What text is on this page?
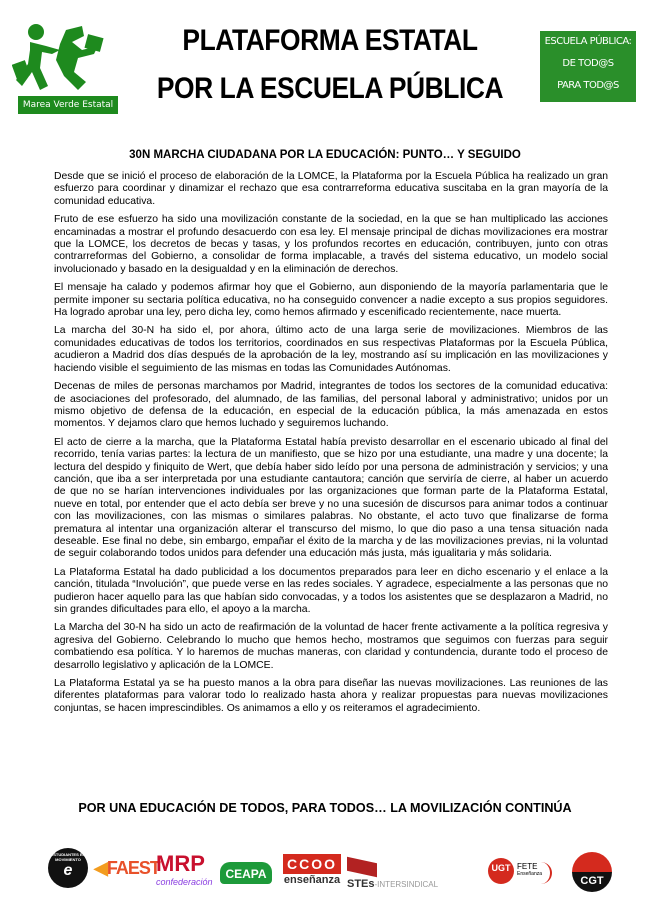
Marea Verde Estatal
PLATAFORMA ESTATAL
POR LA ESCUELA PÚBLICA
ESCUELA PÚBLICA:
DE TOD@S
PARA TOD@S
30N MARCHA CIUDADANA POR LA EDUCACIÓN: PUNTO… Y SEGUIDO

Desde que se inició el proceso de elaboración de la LOMCE, la Plataforma por la Escuela Pública ha realizado un gran esfuerzo para coordinar y dinamizar el rechazo que esa contrarreforma educativa suscitaba en la gran mayoría de la comunidad educativa.

Fruto de ese esfuerzo ha sido una movilización constante de la sociedad, en la que se han multiplicado las acciones encaminadas a mostrar el profundo desacuerdo con esa ley. El mensaje principal de dichas movilizaciones era mostrar que la LOMCE, los decretos de becas y tasas, y los profundos recortes en educación, contribuyen, junto con otras contrarreformas del Gobierno, a consolidar de forma implacable, a través del sistema educativo, un modelo social involucionado y basado en la desigualdad y en la eliminación de derechos.

El mensaje ha calado y podemos afirmar hoy que el Gobierno, aun disponiendo de la mayoría parlamentaria que le permite imponer su sectaria política educativa, no ha conseguido convencer a nadie excepto a sus propios seguidores. Ha logrado aprobar una ley, pero dicha ley, como hemos afirmado y escenificado recientemente, nace muerta.

La marcha del 30-N ha sido el, por ahora, último acto de una larga serie de movilizaciones. Miembros de las comunidades educativas de todos los territorios, coordinados en sus respectivas Plataformas por la Escuela Pública, acudieron a Madrid dos días después de la aprobación de la ley, mostrando así su implicación en las movilizaciones y haciendo visible el seguimiento de las mismas en todas las Comunidades Autónomas.

Decenas de miles de personas marchamos por Madrid, integrantes de todos los sectores de la comunidad educativa: de asociaciones del profesorado, del alumnado, de las familias, del personal laboral y administrativo; unidos por un mismo objetivo de defensa de la educación, en especial de la educación pública, la más amenazada en estos momentos. Y dejamos claro que hemos luchado y seguiremos luchando.

El acto de cierre a la marcha, que la Plataforma Estatal había previsto desarrollar en el escenario ubicado al final del recorrido, tenía varias partes: la lectura de un manifiesto, que se hizo por una estudiante, una madre y una docente; la lectura del despido y finiquito de Wert, que debía haber sido leído por una persona de administración y servicios; y una canción, que iba a ser interpretada por una estudiante cantautora; canción que serviría de cierre, al haber un acuerdo de que no se harían intervenciones individuales por las organizaciones que forman parte de la Plataforma Estatal, nueve en total, por entender que el acto debía ser breve y no una sucesión de discursos para animar todos a continuar con las movilizaciones, con las mismas o similares palabras. No obstante, el acto tuvo que finalizarse de forma prematura al intentar una organización alterar el transcurso del mismo, lo que dio paso a una tensa situación nada deseable. Ese final no debe, sin embargo, empañar el éxito de la marcha y de las movilizaciones previas, ni la voluntad de seguir colaborando todos unidos para defender una educación más justa, más igualitaria y más solidaria.

La Plataforma Estatal ha dado publicidad a los documentos preparados para leer en dicho escenario y el enlace a la canción, titulada “Involución”, que puede verse en las redes sociales. Y agradece, especialmente a las personas que no pudieron hacer aquello para las que habían sido convocadas, y a todos los asistentes que se desplazaron a Madrid, no sin grandes dificultades para ello, el apoyo a la marcha.

La Marcha del 30-N ha sido un acto de reafirmación de la voluntad de hacer frente activamente a la política regresiva y agresiva del Gobierno. Celebrando lo mucho que hemos hecho, mostramos que seguimos con fuerzas para seguir combatiendo esa política. Y lo haremos de muchas maneras, con claridad y contundencia, durante todo el proceso de desarrollo legislativo y aplicación de la LOMCE.

La Plataforma Estatal ya se ha puesto manos a la obra para diseñar las nuevas movilizaciones. Las reuniones de las diferentes plataformas para valorar todo lo realizado hasta ahora y realizar propuestas para nuevas movilizaciones conjuntas, se hacen imprescindibles. Os animamos a ello y os reiteramos el agradecimiento.

POR UNA EDUCACIÓN DE TODOS, PARA TODOS… LA MOVILIZACIÓN CONTINÚA
ESTUDIANTES EN MOVIMIENTO
e	◀FAEST
MRP
confederación
CEAPA
CCOO
enseñanza STEs-INTERSINDICAL
UGT FETE
Enseñanza
CGT
